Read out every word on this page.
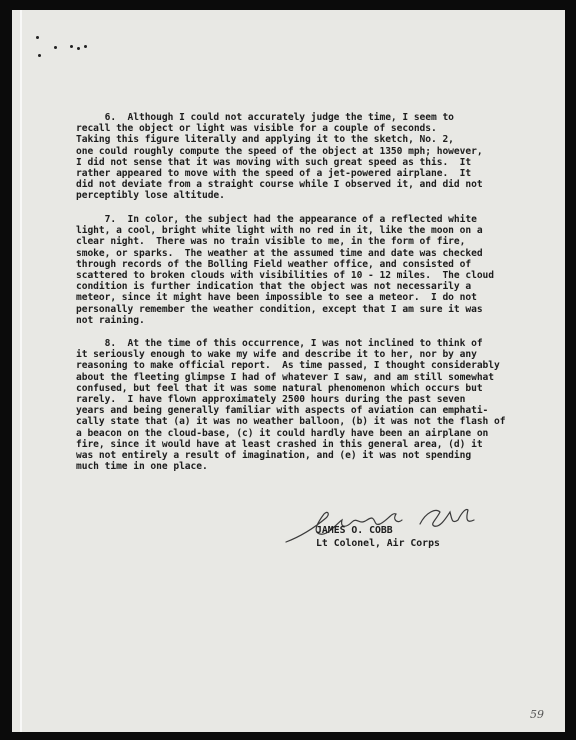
6.  Although I could not accurately judge the time, I seem to
recall the object or light was visible for a couple of seconds.
Taking this figure literally and applying it to the sketch, No. 2,
one could roughly compute the speed of the object at 1350 mph; however,
I did not sense that it was moving with such great speed as this.  It
rather appeared to move with the speed of a jet-powered airplane.  It
did not deviate from a straight course while I observed it, and did not
perceptibly lose altitude.

7.  In color, the subject had the appearance of a reflected white
light, a cool, bright white light with no red in it, like the moon on a
clear night.  There was no train visible to me, in the form of fire,
smoke, or sparks.  The weather at the assumed time and date was checked
through records of the Bolling Field weather office, and consisted of
scattered to broken clouds with visibilities of 10 - 12 miles.  The cloud
condition is further indication that the object was not necessarily a
meteor, since it might have been impossible to see a meteor.  I do not
personally remember the weather condition, except that I am sure it was
not raining.

8.  At the time of this occurrence, I was not inclined to think of
it seriously enough to wake my wife and describe it to her, nor by any
reasoning to make official report.  As time passed, I thought considerably
about the fleeting glimpse I had of whatever I saw, and am still somewhat
confused, but feel that it was some natural phenomenon which occurs but
rarely.  I have flown approximately 2500 hours during the past seven
years and being generally familiar with aspects of aviation can emphati-
cally state that (a) it was no weather balloon, (b) it was not the flash of
a beacon on the cloud-base, (c) it could hardly have been an airplane on
fire, since it would have at least crashed in this general area, (d) it
was not entirely a result of imagination, and (e) it was not spending
much time in one place.

JAMES O. COBB
Lt Colonel, Air Corps
59
